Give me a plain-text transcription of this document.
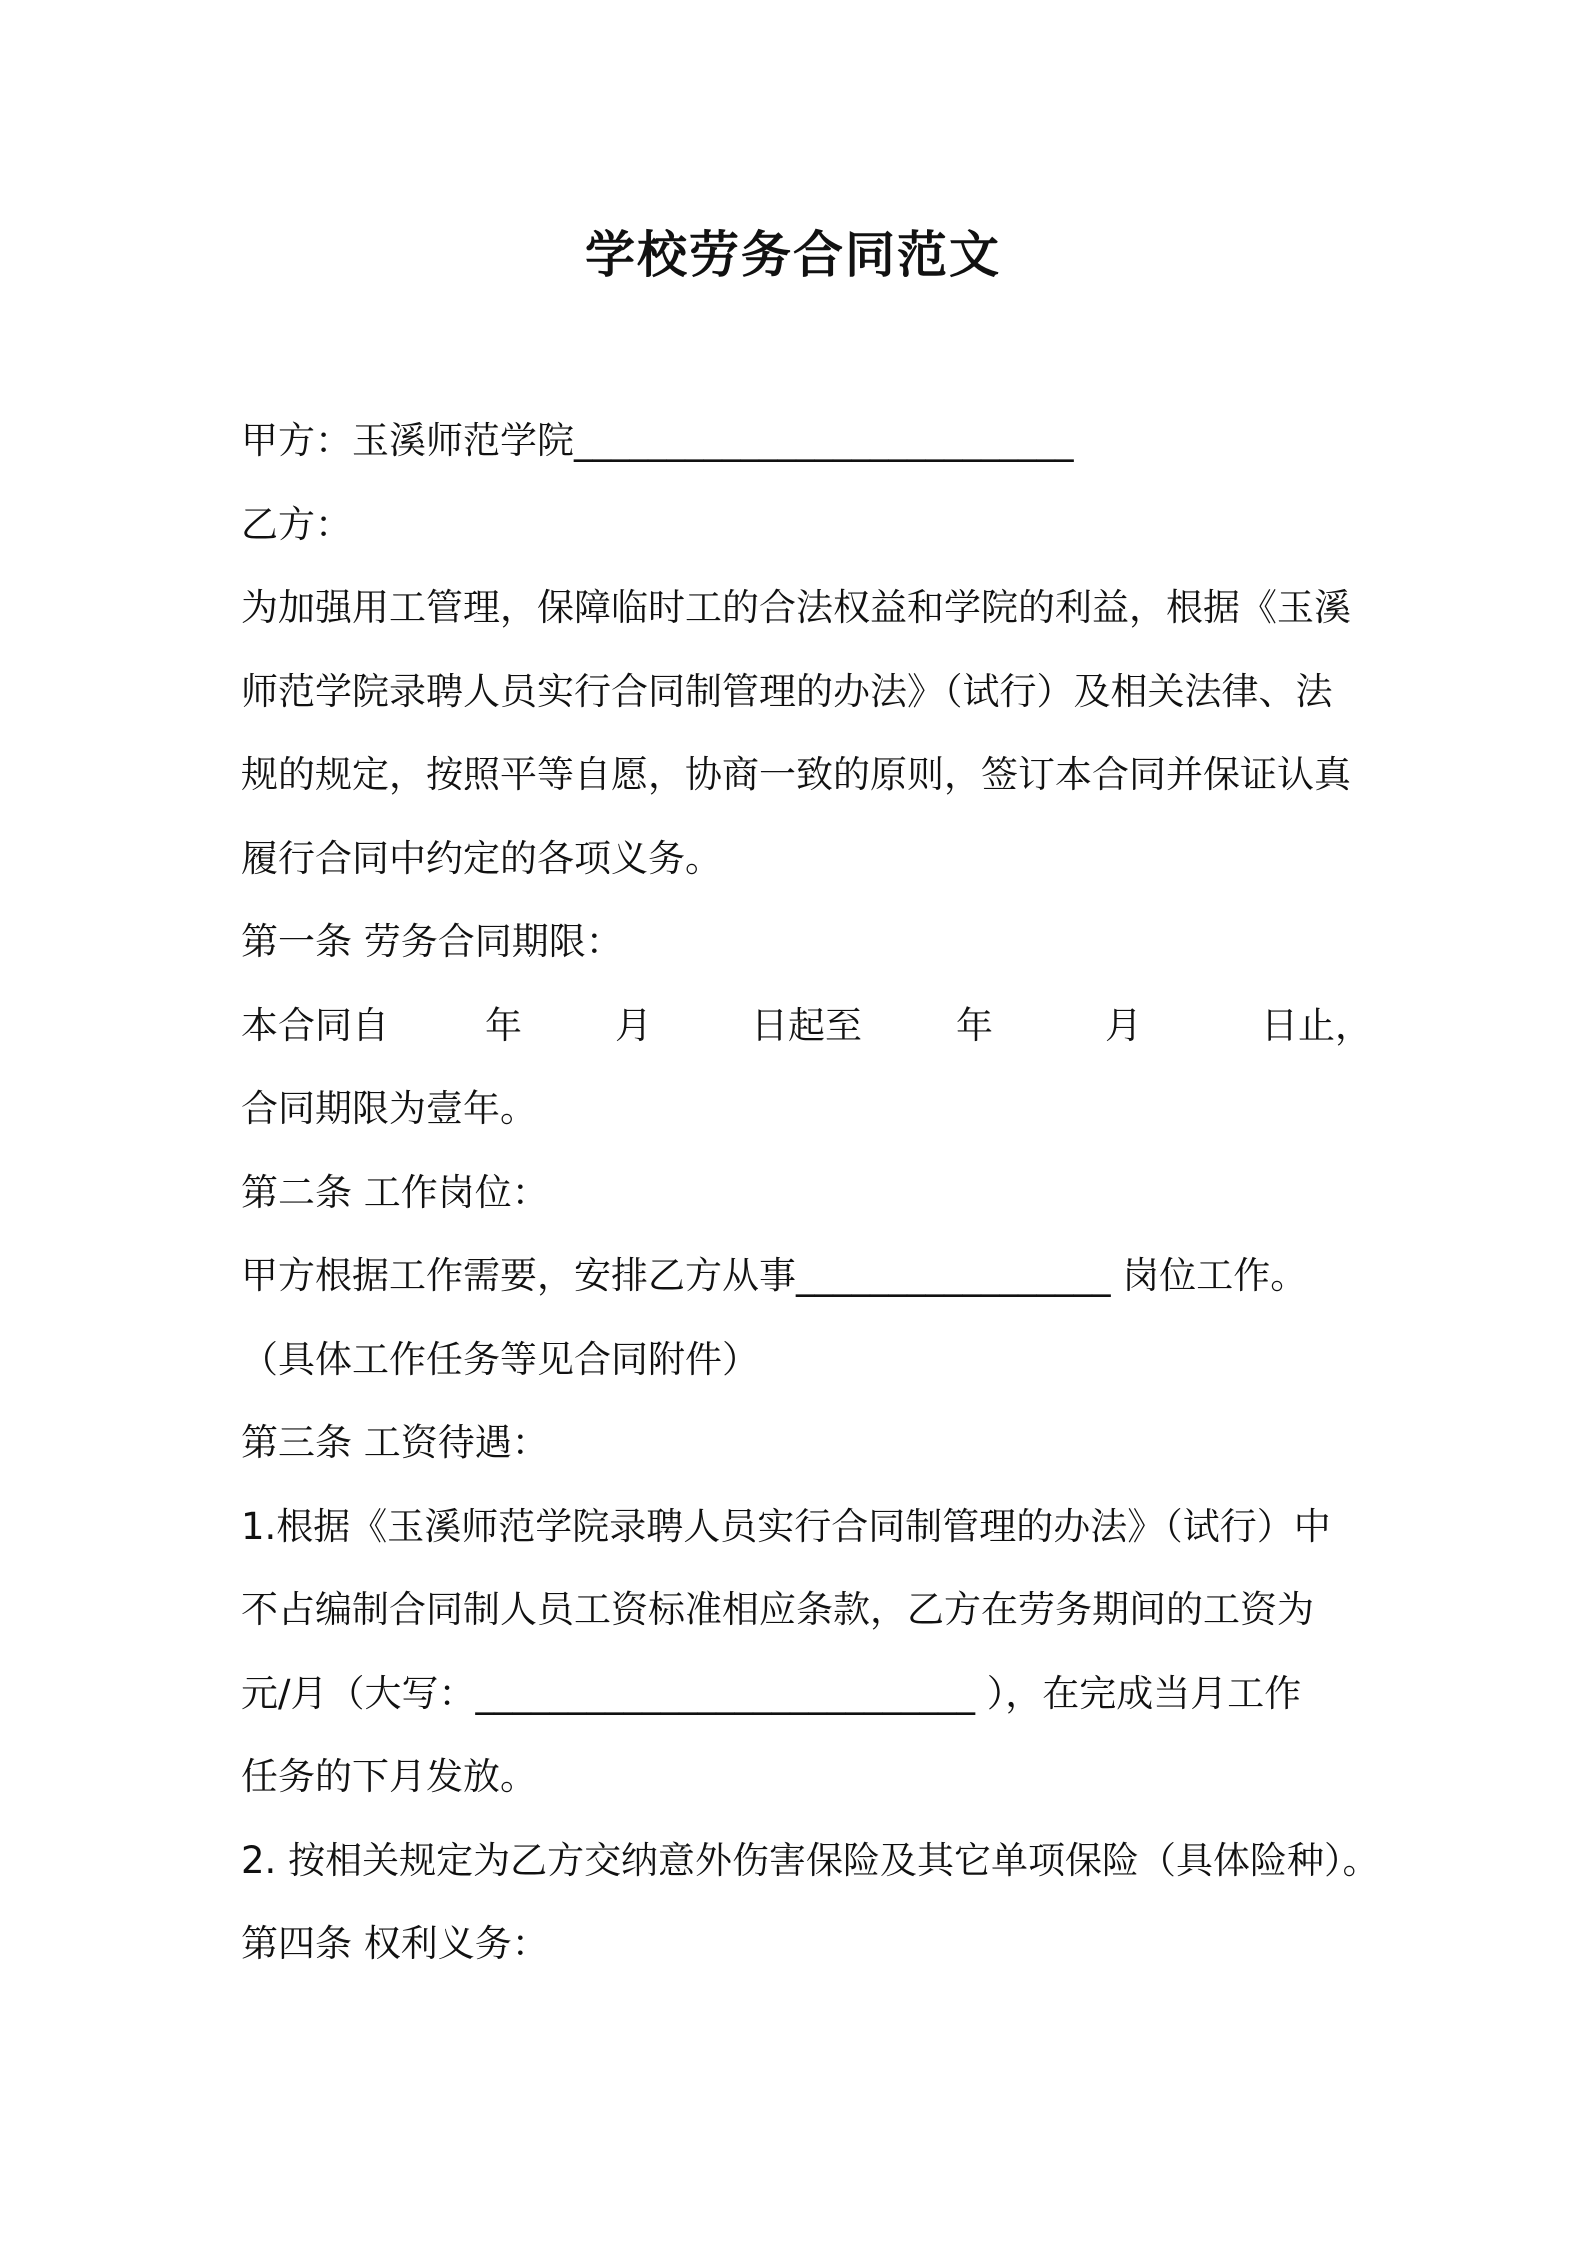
学校劳务合同范文
甲方：玉溪师范学院___________________________
乙方：
为加强用工管理，保障临时工的合法权益和学院的利益，根据《玉溪
师范学院录聘人员实行合同制管理的办法》（试行）及相关法律、法
规的规定，按照平等自愿，协商一致的原则，签订本合同并保证认真
履行合同中约定的各项义务。
第一条 劳务合同期限：
本合同自	年	月	日起至	年	月	日止，
合同期限为壹年。
第二条 工作岗位：
甲方根据工作需要，安排乙方从事_________________ 岗位工作。
（具体工作任务等见合同附件）
第三条 工资待遇：
1.根据《玉溪师范学院录聘人员实行合同制管理的办法》（试行）中
不占编制合同制人员工资标准相应条款，乙方在劳务期间的工资为
元/月（大写：___________________________ ），在完成当月工作
任务的下月发放。
2. 按相关规定为乙方交纳意外伤害保险及其它单项保险（具体险种）。
第四条 权利义务：
